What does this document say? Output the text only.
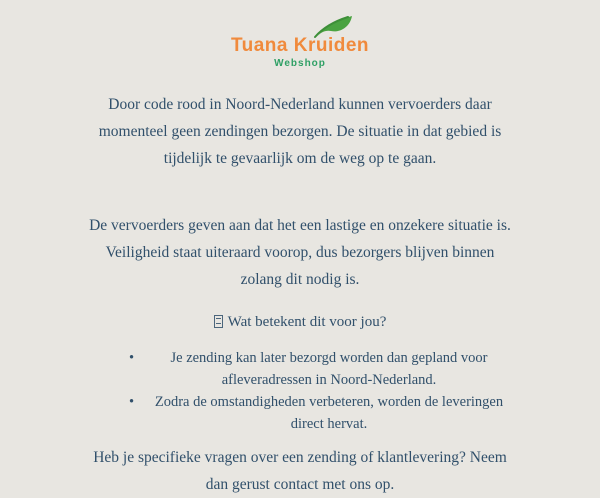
Tuana Kruiden
Webshop

Door code rood in Noord-Nederland kunnen vervoerders daar momenteel geen zendingen bezorgen. De situatie in dat gebied is tijdelijk te gevaarlijk om de weg op te gaan.

De vervoerders geven aan dat het een lastige en onzekere situatie is. Veiligheid staat uiteraard voorop, dus bezorgers blijven binnen zolang dit nodig is.

Wat betekent dit voor jou?

• Je zending kan later bezorgd worden dan gepland voor afleveradressen in Noord-Nederland.
• Zodra de omstandigheden verbeteren, worden de leveringen direct hervat.

Heb je specifieke vragen over een zending of klantlevering? Neem dan gerust contact met ons op.
